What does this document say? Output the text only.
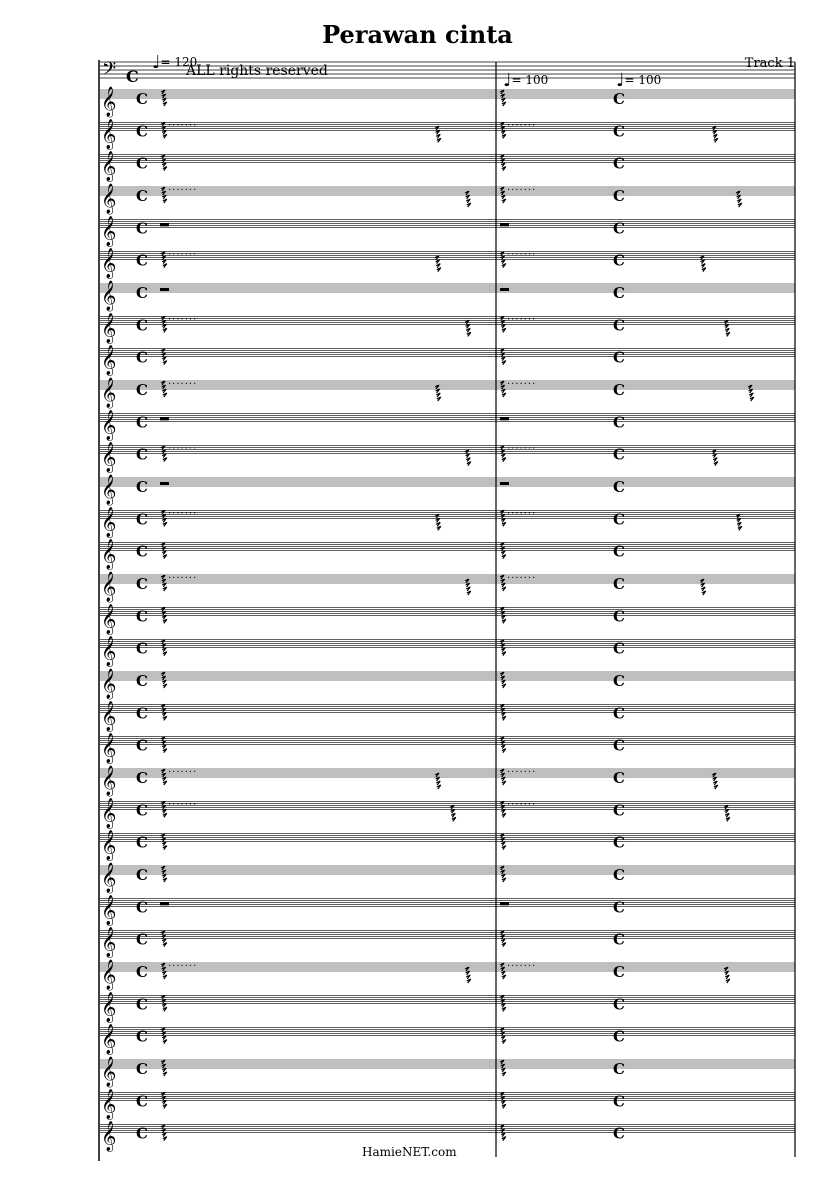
Perawan cinta
Track 1
♩= 120
ALL rights reserved	♩= 100	♩= 100
𝄢 C
𝄞 C	C
𝄞 C	C
·······	·······
𝄞 C	C
𝄞 C	C
·······	·······
𝄞 C	C
𝄞 C	C
·······	·······
𝄞 C	C
𝄞 C	C
·······	·······
𝄞 C	C
𝄞 C	C
·······	·······
𝄞 C	C
𝄞 C	C
·······	·······
𝄞 C	C
𝄞 C	C
·······	·······
𝄞 C	C
𝄞 C	C
·······	·······
𝄞 C	C
𝄞 C	C
𝄞 C	C
𝄞 C	C
𝄞 C	C
𝄞 C	C
·······	·······
𝄞 C	C
·······	·······
𝄞 C	C
𝄞 C	C
𝄞 C	C
𝄞 C	C
𝄞 C	C
·······	·······
𝄞 C	C
𝄞 C	C
𝄞 C	C
𝄞 C	C
𝄞 C	C
HamieNET.com
